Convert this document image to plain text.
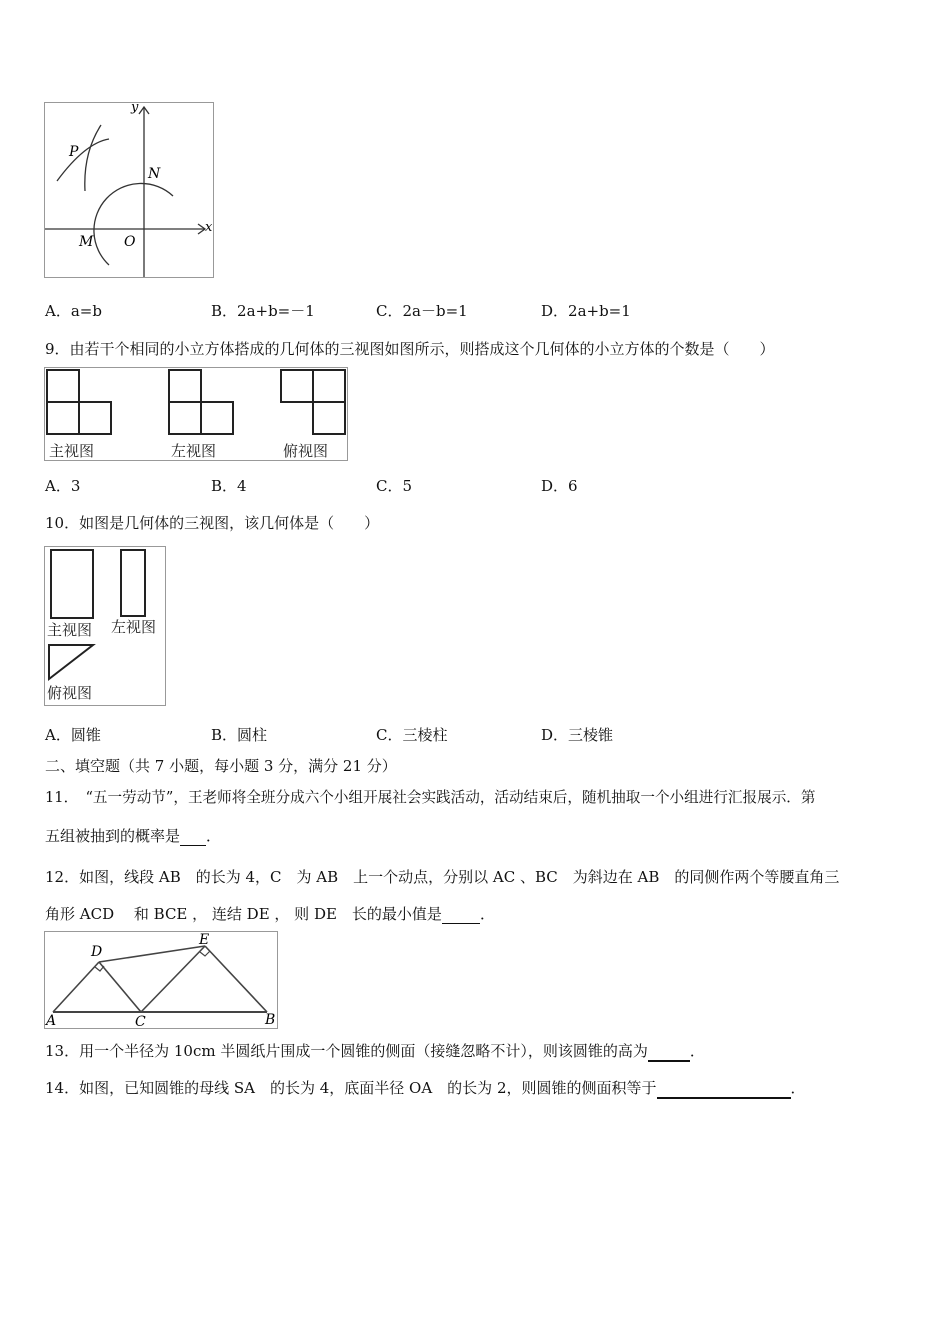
y
x
P
N
M O
A．a=b	B．2a+b=－1	C．2a－b=1	D．2a+b=1
9．由若干个相同的小立方体搭成的几何体的三视图如图所示，则搭成这个几何体的小立方体的个数是（　　）
主视图	左视图	俯视图
A．3	B．4	C．5	D．6
10．如图是几何体的三视图，该几何体是（　　）
主视图 左视图
俯视图
A．圆锥	B．圆柱	C．三棱柱	D．三棱锥
二、填空题（共 7 小题，每小题 3 分，满分 21 分）
11．　“五一劳动节”，王老师将全班分成六个小组开展社会实践活动，活动结束后，随机抽取一个小组进行汇报展示．第
五组被抽到的概率是 ．
12．如图，线段 AB　的长为 4，C　为 AB　上一个动点，分别以 AC 、BC　为斜边在 AB　的同侧作两个等腰直角三
角形 ACD　 和 BCE ， 连结 DE ， 则 DE　长的最小值是	．
A	B
C
D
E
13．用一个半径为 10cm 半圆纸片围成一个圆锥的侧面（接缝忽略不计），则该圆锥的高为	．
14．如图，已知圆锥的母线 SA　的长为 4，底面半径 OA　的长为 2，则圆锥的侧面积等于	．
